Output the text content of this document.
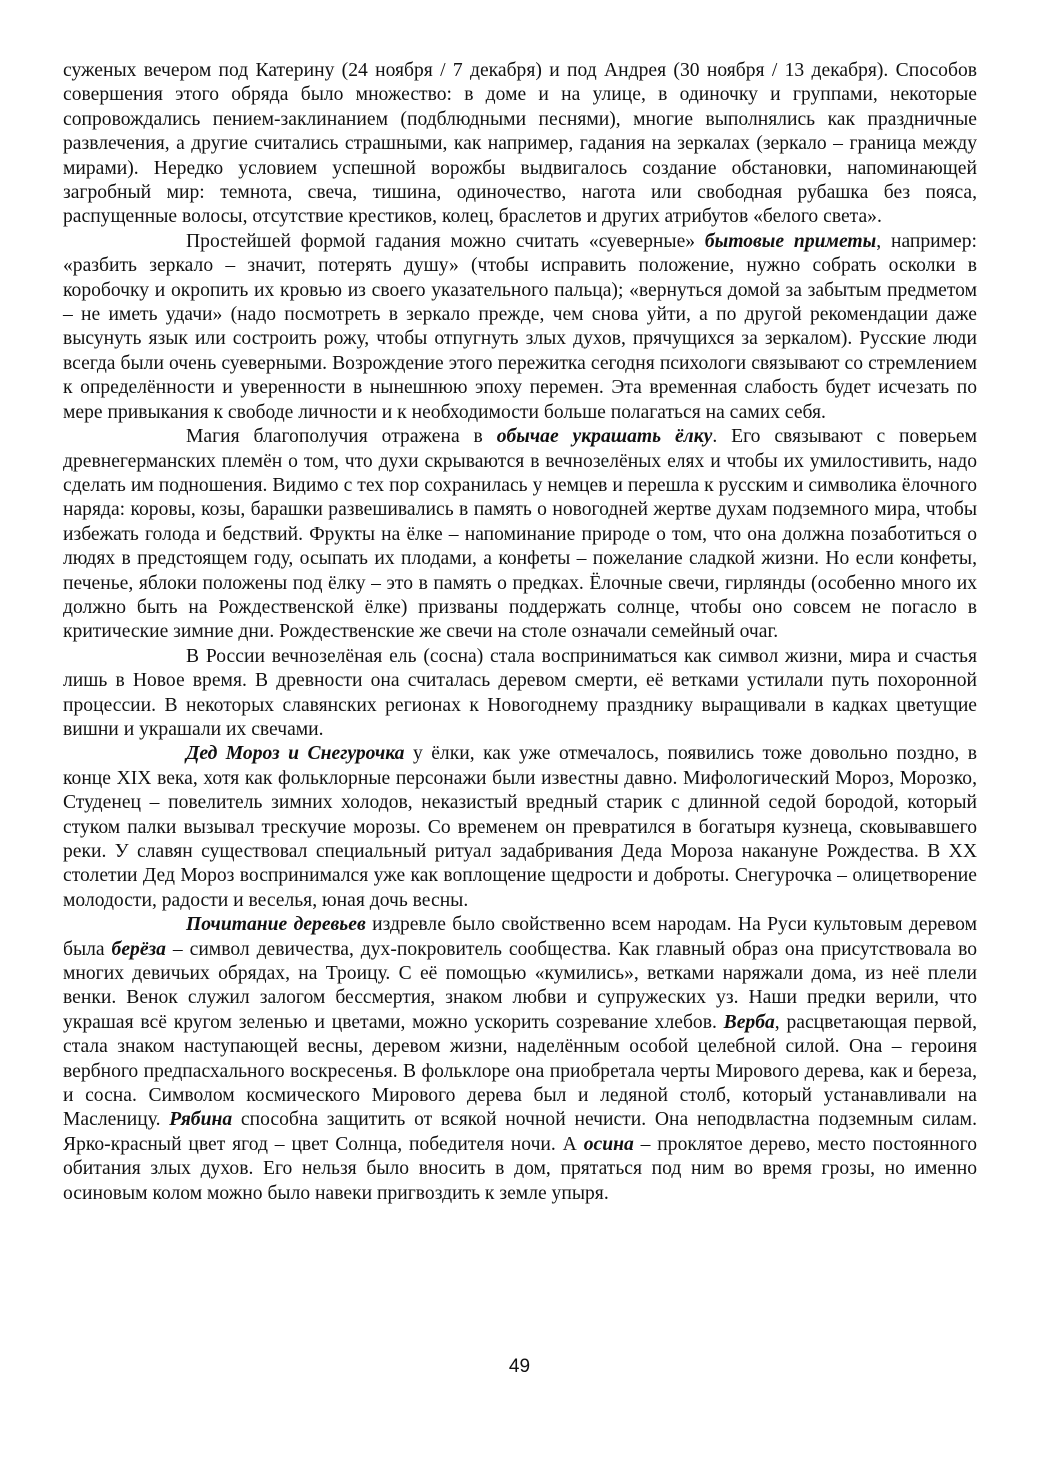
суженых вечером под Катерину (24 ноября / 7 декабря) и под Андрея (30 ноября / 13 декабря). Способов совершения этого обряда было множество: в доме и на улице, в одиночку и группами, некоторые сопровождались пением-заклинанием (подблюдными песнями), многие выполнялись как праздничные развлечения, а другие считались страшными, как например, гадания на зеркалах (зеркало – граница между мирами). Нередко условием успешной ворожбы выдвигалось создание обстановки, напоминающей загробный мир: темнота, свеча, тишина, одиночество, нагота или свободная рубашка без пояса, распущенные волосы, отсутствие крестиков, колец, браслетов и других атрибутов «белого света».

Простейшей формой гадания можно считать «суеверные» бытовые приметы, например: «разбить зеркало – значит, потерять душу» (чтобы исправить положение, нужно собрать осколки в коробочку и окропить их кровью из своего указательного пальца); «вернуться домой за забытым предметом – не иметь удачи» (надо посмотреть в зеркало прежде, чем снова уйти, а по другой рекомендации даже высунуть язык или состроить рожу, чтобы отпугнуть злых духов, прячущихся за зеркалом). Русские люди всегда были очень суеверными. Возрождение этого пережитка сегодня психологи связывают со стремлением к определённости и уверенности в нынешнюю эпоху перемен. Эта временная слабость будет исчезать по мере привыкания к свободе личности и к необходимости больше полагаться на самих себя.

Магия благополучия отражена в обычае украшать ёлку. Его связывают с поверьем древнегерманских племён о том, что духи скрываются в вечнозелёных елях и чтобы их умилостивить, надо сделать им подношения. Видимо с тех пор сохранилась у немцев и перешла к русским и символика ёлочного наряда: коровы, козы, барашки развешивались в память о новогодней жертве духам подземного мира, чтобы избежать голода и бедствий. Фрукты на ёлке – напоминание природе о том, что она должна позаботиться о людях в предстоящем году, осыпать их плодами, а конфеты – пожелание сладкой жизни. Но если конфеты, печенье, яблоки положены под ёлку – это в память о предках. Ёлочные свечи, гирлянды (особенно много их должно быть на Рождественской ёлке) призваны поддержать солнце, чтобы оно совсем не погасло в критические зимние дни. Рождественские же свечи на столе означали семейный очаг.

В России вечнозелёная ель (сосна) стала восприниматься как символ жизни, мира и счастья лишь в Новое время. В древности она считалась деревом смерти, её ветками устилали путь похоронной процессии. В некоторых славянских регионах к Новогоднему празднику выращивали в кадках цветущие вишни и украшали их свечами.

Дед Мороз и Снегурочка у ёлки, как уже отмечалось, появились тоже довольно поздно, в конце XIX века, хотя как фольклорные персонажи были известны давно. Мифологический Мороз, Морозко, Студенец – повелитель зимних холодов, неказистый вредный старик с длинной седой бородой, который стуком палки вызывал трескучие морозы. Со временем он превратился в богатыря кузнеца, сковывавшего реки. У славян существовал специальный ритуал задабривания Деда Мороза накануне Рождества. В XX столетии Дед Мороз воспринимался уже как воплощение щедрости и доброты. Снегурочка – олицетворение молодости, радости и веселья, юная дочь весны.

Почитание деревьев издревле было свойственно всем народам. На Руси культовым деревом была берёза – символ девичества, дух-покровитель сообщества. Как главный образ она присутствовала во многих девичьих обрядах, на Троицу. С её помощью «кумились», ветками наряжали дома, из неё плели венки. Венок служил залогом бессмертия, знаком любви и супружеских уз. Наши предки верили, что украшая всё кругом зеленью и цветами, можно ускорить созревание хлебов. Верба, расцветающая первой, стала знаком наступающей весны, деревом жизни, наделённым особой целебной силой. Она – героиня вербного предпасхального воскресенья. В фольклоре она приобретала черты Мирового дерева, как и береза, и сосна. Символом космического Мирового дерева был и ледяной столб, который устанавливали на Масленицу. Рябина способна защитить от всякой ночной нечисти. Она неподвластна подземным силам. Ярко-красный цвет ягод – цвет Солнца, победителя ночи. А осина – проклятое дерево, место постоянного обитания злых духов. Его нельзя было вносить в дом, прятаться под ним во время грозы, но именно осиновым колом можно было навеки пригвоздить к земле упыря.

49
